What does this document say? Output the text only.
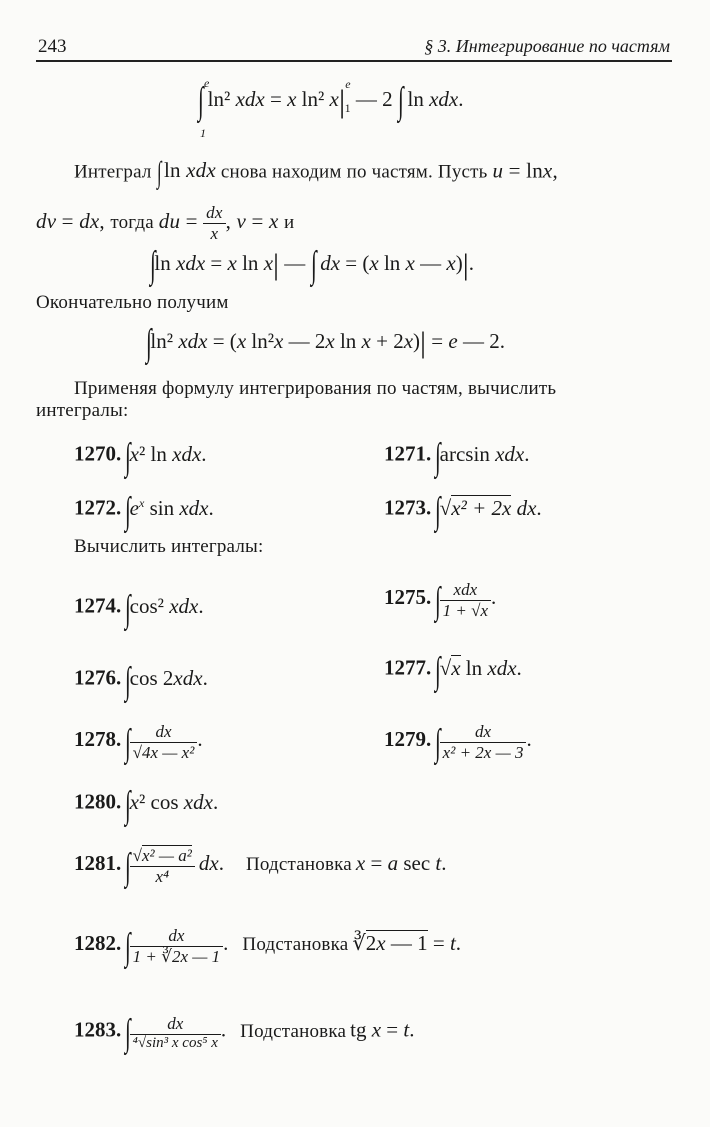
243	§ 3. Интегрирование по частям
∫ e
1
ln² xdx = x ln² $x|^e_1$ — 2 ∫ ln xdx.
Интеграл ∫ ln xdx снова находим по частям. Пусть u = lnx,
dv = dx, тогда du = $\frac{dx}{x}$ , v = x и
∫ln xdx = x ln x| — ∫ dx = (x ln x — x)|.
Окончательно получим
∫ln² xdx = (x ln²x — 2x ln x + 2x)| = e — 2.
Применяя формулу интегрирования по частям, вычислить
интегралы:
1270. ∫x² ln xdx.	1271. ∫arcsin xdx.
1272. $\int e^x$ sin xdx.	1273. ∫√x² + 2x dx.
Вычислить интегралы:
1274. ∫cos² xdx.	1275. ∫
$\frac{\text{xdx}}{1 + √x}$ .
1276. ∫cos 2xdx.	1277. ∫√x ln xdx.
1278. ∫
$\frac{dx}{\text{√4x — x²}}$ .	1279. ∫
$\frac{dx}{\text{x² + 2x — 3}}$ .
1280. ∫x² cos xdx.
1281. ∫
$\frac{\text{√x² — a²}}{\text{x⁴}}$ dx. Подстановка x = a sec t.
1282. ∫
$\frac{dx}{1 + ∛2x — 1}$ . Подстановка ∛2x — 1 = t.
1283. ∫
$\frac{dx}{\text{⁴√sin³ x cos⁵ x}}$ . Подстановка tg x = t.
